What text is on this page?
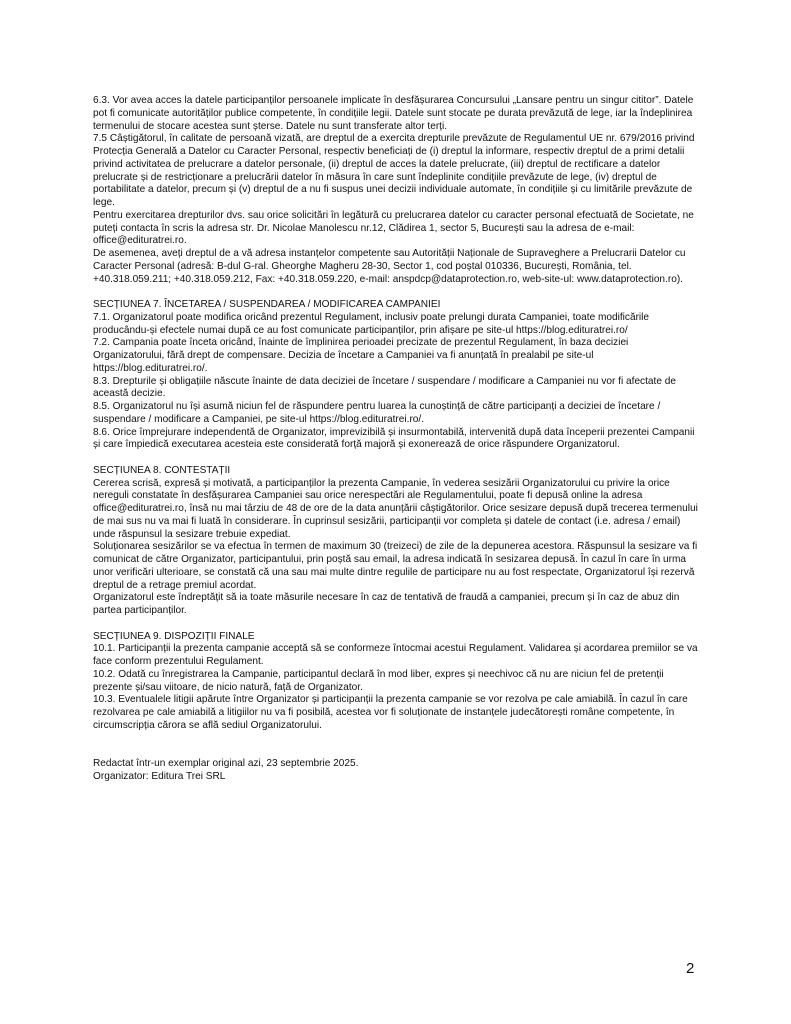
6.3. Vor avea acces la datele participanților persoanele implicate în desfășurarea Concursului „Lansare pentru un singur cititor”. Datele pot fi comunicate autorităților publice competente, în condițiile legii. Datele sunt stocate pe durata prevăzută de lege, iar la îndeplinirea termenului de stocare acestea sunt șterse. Datele nu sunt transferate altor terți.

7.5 Câștigătorul, în calitate de persoană vizată, are dreptul de a exercita drepturile prevăzute de Regulamentul UE nr. 679/2016 privind Protecția Generală a Datelor cu Caracter Personal, respectiv beneficiați de (i) dreptul la informare, respectiv dreptul de a primi detalii privind activitatea de prelucrare a datelor personale, (ii) dreptul de acces la datele prelucrate, (iii) dreptul de rectificare a datelor prelucrate și de restricționare a prelucrării datelor în măsura în care sunt îndeplinite condițiile prevăzute de lege, (iv) dreptul de portabilitate a datelor, precum și (v) dreptul de a nu fi suspus unei decizii individuale automate, în condițiile și cu limitările prevăzute de lege.

Pentru exercitarea drepturilor dvs. sau orice solicitări în legătură cu prelucrarea datelor cu caracter personal efectuată de Societate, ne puteți contacta în scris la adresa str. Dr. Nicolae Manolescu nr.12, Clădirea 1, sector 5, București sau la adresa de e-mail: office@edituratrei.ro.

De asemenea, aveți dreptul de a vă adresa instanțelor competente sau Autorității Naționale de Supraveghere a Prelucrarii Datelor cu Caracter Personal (adresă: B-dul G-ral. Gheorghe Magheru 28-30, Sector 1, cod poștal 010336, București, România, tel. +40.318.059.211; +40.318.059.212, Fax: +40.318.059.220, e-mail: anspdcp@dataprotection.ro, web-site-ul: www.dataprotection.ro).

SECȚIUNEA 7. ÎNCETAREA / SUSPENDAREA / MODIFICAREA CAMPANIEI

7.1. Organizatorul poate modifica oricând prezentul Regulament, inclusiv poate prelungi durata Campaniei, toate modificările producându-și efectele numai după ce au fost comunicate participanților, prin afișare pe site-ul https://blog.edituratrei.ro/

7.2. Campania poate înceta oricând, înainte de împlinirea perioadei precizate de prezentul Regulament, în baza deciziei Organizatorului, fără drept de compensare. Decizia de încetare a Campaniei va fi anunțată în prealabil pe site-ul https://blog.edituratrei.ro/.

8.3. Drepturile și obligațiile născute înainte de data deciziei de încetare / suspendare / modificare a Campaniei nu vor fi afectate de această decizie.

8.5. Organizatorul nu își asumă niciun fel de răspundere pentru luarea la cunoștință de către participanți a deciziei de încetare / suspendare / modificare a Campaniei, pe site-ul https://blog.edituratrei.ro/.

8.6. Orice împrejurare independentă de Organizator, imprevizibilă și insurmontabilă, intervenită după data începerii prezentei Campanii și care împiedică executarea acesteia este considerată forță majoră și exonerează de orice răspundere Organizatorul.

SECȚIUNEA 8. CONTESTAȚII

Cererea scrisă, expresă și motivată, a participanților la prezenta Campanie, în vederea sesizării Organizatorului cu privire la orice nereguli constatate în desfășurarea Campaniei sau orice nerespectări ale Regulamentului, poate fi depusă online la adresa office@edituratrei.ro, însă nu mai târziu de 48 de ore de la data anunțării câștigătorilor. Orice sesizare depusă după trecerea termenului de mai sus nu va mai fi luată în considerare. În cuprinsul sesizării, participanții vor completa și datele de contact (i.e. adresa / email) unde răspunsul la sesizare trebuie expediat.

Soluționarea sesizărilor se va efectua în termen de maximum 30 (treizeci) de zile de la depunerea acestora. Răspunsul la sesizare va fi comunicat de către Organizator, participantului, prin poștă sau email, la adresa indicată în sesizarea depusă. În cazul în care în urma unor verificări ulterioare, se constată că una sau mai multe dintre regulile de participare nu au fost respectate, Organizatorul își rezervă dreptul de a retrage premiul acordat.

Organizatorul este îndreptățit să ia toate măsurile necesare în caz de tentativă de fraudă a campaniei, precum și în caz de abuz din partea participanților.

SECȚIUNEA 9. DISPOZIȚII FINALE

10.1. Participanții la prezenta campanie acceptă să se conformeze întocmai acestui Regulament. Validarea și acordarea premiilor se va face conform prezentului Regulament.

10.2. Odată cu înregistrarea la Campanie, participantul declară în mod liber, expres și neechivoc că nu are niciun fel de pretenții prezente și/sau viitoare, de nicio natură, față de Organizator.

10.3. Eventualele litigii apărute între Organizator și participanții la prezenta campanie se vor rezolva pe cale amiabilă. În cazul în care rezolvarea pe cale amiabilă a litigiilor nu va fi posibilă, acestea vor fi soluționate de instanțele judecătorești române competente, în circumscripția cărora se află sediul Organizatorului.

Redactat într-un exemplar original azi, 23 septembrie 2025.

Organizator: Editura Trei SRL

2
